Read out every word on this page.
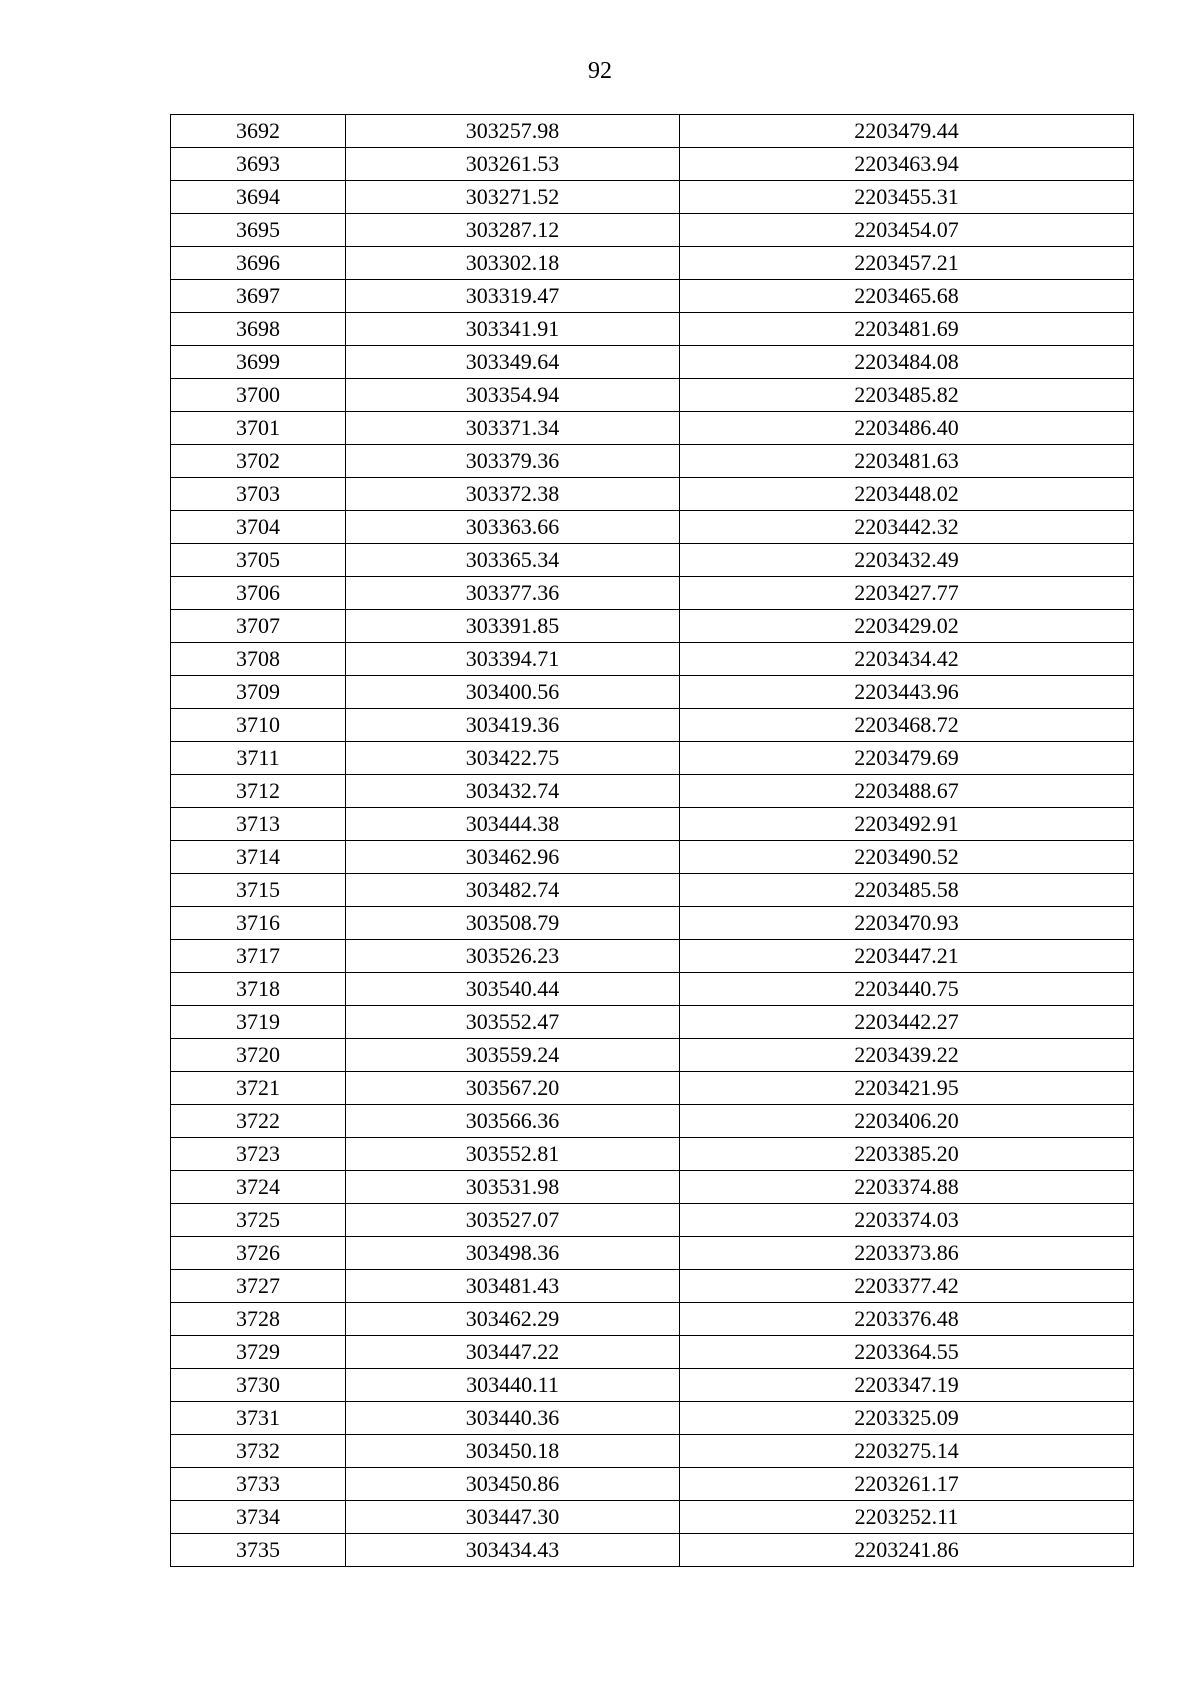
92
3692	303257.98	2203479.44
3693	303261.53	2203463.94
3694	303271.52	2203455.31
3695	303287.12	2203454.07
3696	303302.18	2203457.21
3697	303319.47	2203465.68
3698	303341.91	2203481.69
3699	303349.64	2203484.08
3700	303354.94	2203485.82
3701	303371.34	2203486.40
3702	303379.36	2203481.63
3703	303372.38	2203448.02
3704	303363.66	2203442.32
3705	303365.34	2203432.49
3706	303377.36	2203427.77
3707	303391.85	2203429.02
3708	303394.71	2203434.42
3709	303400.56	2203443.96
3710	303419.36	2203468.72
3711	303422.75	2203479.69
3712	303432.74	2203488.67
3713	303444.38	2203492.91
3714	303462.96	2203490.52
3715	303482.74	2203485.58
3716	303508.79	2203470.93
3717	303526.23	2203447.21
3718	303540.44	2203440.75
3719	303552.47	2203442.27
3720	303559.24	2203439.22
3721	303567.20	2203421.95
3722	303566.36	2203406.20
3723	303552.81	2203385.20
3724	303531.98	2203374.88
3725	303527.07	2203374.03
3726	303498.36	2203373.86
3727	303481.43	2203377.42
3728	303462.29	2203376.48
3729	303447.22	2203364.55
3730	303440.11	2203347.19
3731	303440.36	2203325.09
3732	303450.18	2203275.14
3733	303450.86	2203261.17
3734	303447.30	2203252.11
3735	303434.43	2203241.86
